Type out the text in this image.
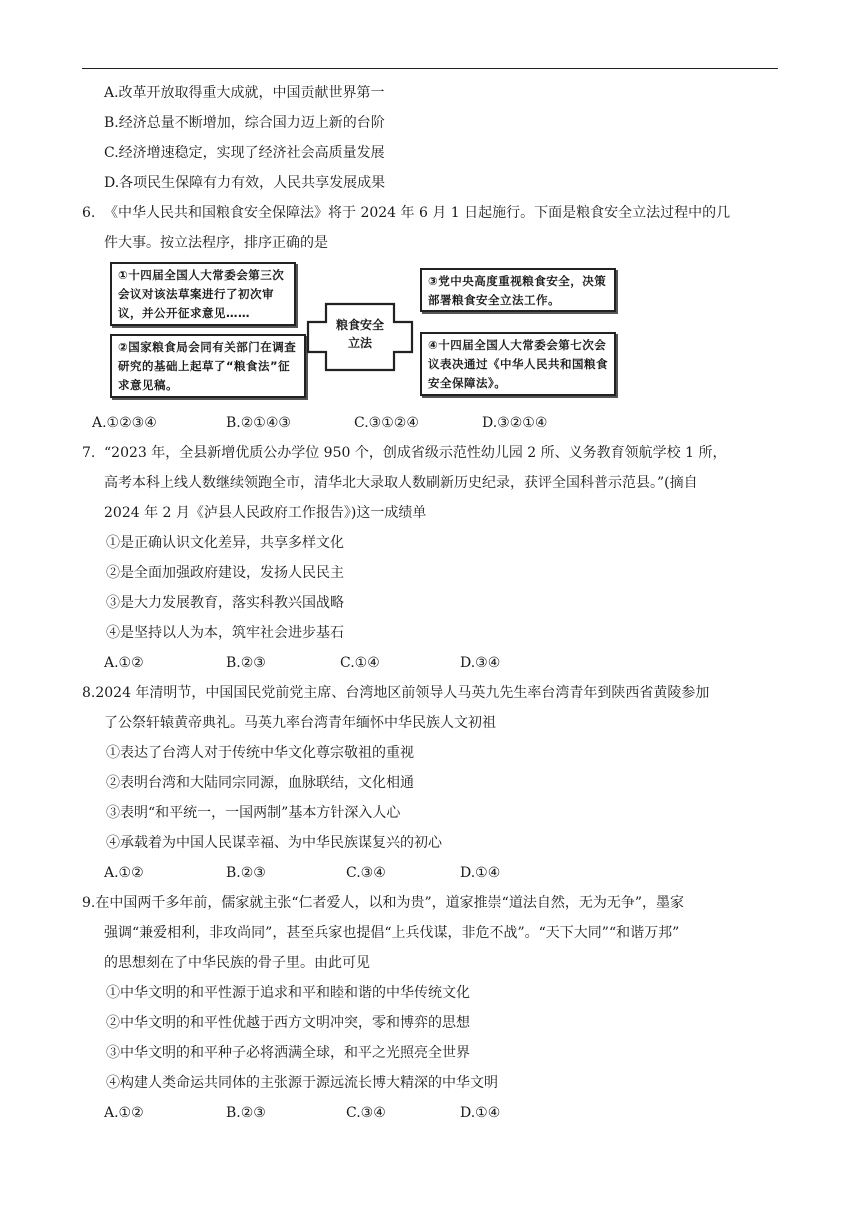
A.改革开放取得重大成就，中国贡献世界第一
B.经济总量不断增加，综合国力迈上新的台阶
C.经济增速稳定，实现了经济社会高质量发展
D.各项民生保障有力有效，人民共享发展成果
6. 《中华人民共和国粮食安全保障法》将于 2024 年 6 月 1 日起施行。下面是粮食安全立法过程中的几
件大事。按立法程序，排序正确的是
①十四届全国人大常委会第三次会议对该法草案进行了初次审议，并公开征求意见……
②国家粮食局会同有关部门在调查研究的基础上起草了“粮食法”征求意见稿。
③党中央高度重视粮食安全，决策部署粮食安全立法工作。
④十四届全国人大常委会第七次会议表决通过《中华人民共和国粮食安全保障法》。
粮食安全
立法
A.①②③④	B.②①④③	C.③①②④	D.③②①④
7. “2023 年，全县新增优质公办学位 950 个，创成省级示范性幼儿园 2 所、义务教育领航学校 1 所，
高考本科上线人数继续领跑全市，清华北大录取人数刷新历史纪录，获评全国科普示范县。”(摘自
2024 年 2 月《泸县人民政府工作报告》)这一成绩单
①是正确认识文化差异，共享多样文化
②是全面加强政府建设，发扬人民民主
③是大力发展教育，落实科教兴国战略
④是坚持以人为本，筑牢社会进步基石
A.①②	B.②③	C.①④	D.③④
8.2024 年清明节，中国国民党前党主席、台湾地区前领导人马英九先生率台湾青年到陕西省黄陵参加
了公祭轩辕黄帝典礼。马英九率台湾青年缅怀中华民族人文初祖
①表达了台湾人对于传统中华文化尊宗敬祖的重视
②表明台湾和大陆同宗同源，血脉联结，文化相通
③表明“和平统一，一国两制”基本方针深入人心
④承载着为中国人民谋幸福、为中华民族谋复兴的初心
A.①②	B.②③	C.③④	D.①④
9.在中国两千多年前，儒家就主张“仁者爱人，以和为贵”，道家推崇“道法自然，无为无争”，墨家
强调“兼爱相利，非攻尚同”，甚至兵家也提倡“上兵伐谋，非危不战”。“天下大同”“和谐万邦”
的思想刻在了中华民族的骨子里。由此可见
①中华文明的和平性源于追求和平和睦和谐的中华传统文化
②中华文明的和平性优越于西方文明冲突，零和博弈的思想
③中华文明的和平种子必将洒满全球，和平之光照亮全世界
④构建人类命运共同体的主张源于源远流长博大精深的中华文明
A.①②	B.②③	C.③④	D.①④
